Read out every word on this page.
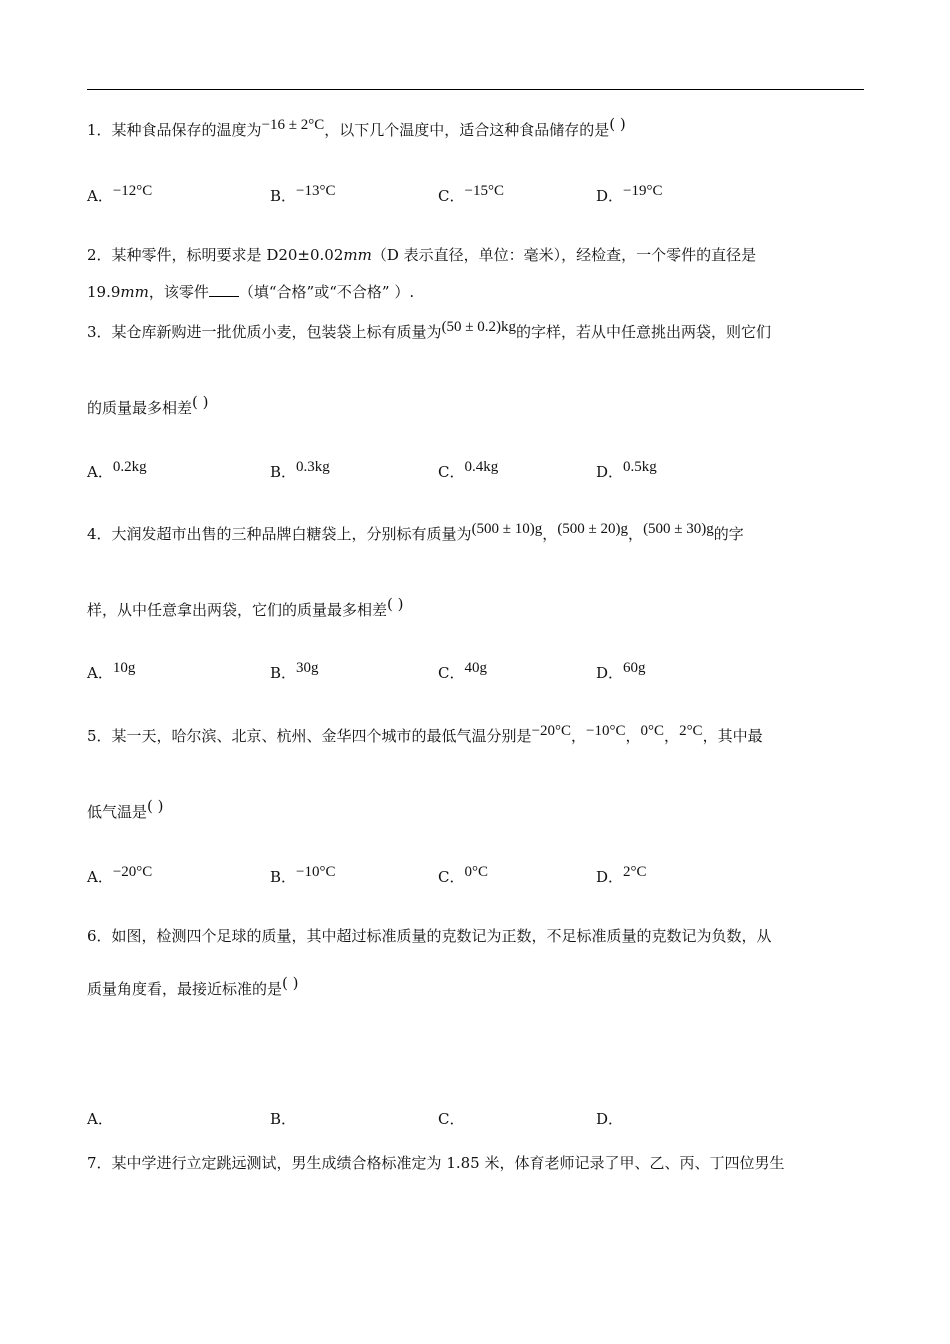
1．某种食品保存的温度为−16 ± 2°C，以下几个温度中，适合这种食品储存的是( )
A．−12°C	B．−13°C	C．−15°C	D．−19°C
2．某种零件，标明要求是 D20±0.02mm（D 表示直径，单位：毫米），经检查，一个零件的直径是
19.9mm，该零件 （填“合格”或“不合格” ）.
3．某仓库新购进一批优质小麦，包装袋上标有质量为(50 ± 0.2)kg的字样，若从中任意挑出两袋，则它们
的质量最多相差( )
A．0.2kg	B．0.3kg	C．0.4kg	D．0.5kg
4．大润发超市出售的三种品牌白糖袋上，分别标有质量为(500 ± 10)g，(500 ± 20)g，(500 ± 30)g的字
样，从中任意拿出两袋，它们的质量最多相差( )
A．10g	B．30g	C．40g	D．60g
5．某一天，哈尔滨、北京、杭州、金华四个城市的最低气温分别是−20°C，−10°C，0°C，2°C，其中最
低气温是( )
A．−20°C	B．−10°C	C．0°C	D．2°C
6．如图，检测四个足球的质量，其中超过标准质量的克数记为正数，不足标准质量的克数记为负数，从
质量角度看，最接近标准的是( )
A．	B．	C．	D．
7．某中学进行立定跳远测试，男生成绩合格标准定为 1.85 米，体育老师记录了甲、乙、丙、丁四位男生
